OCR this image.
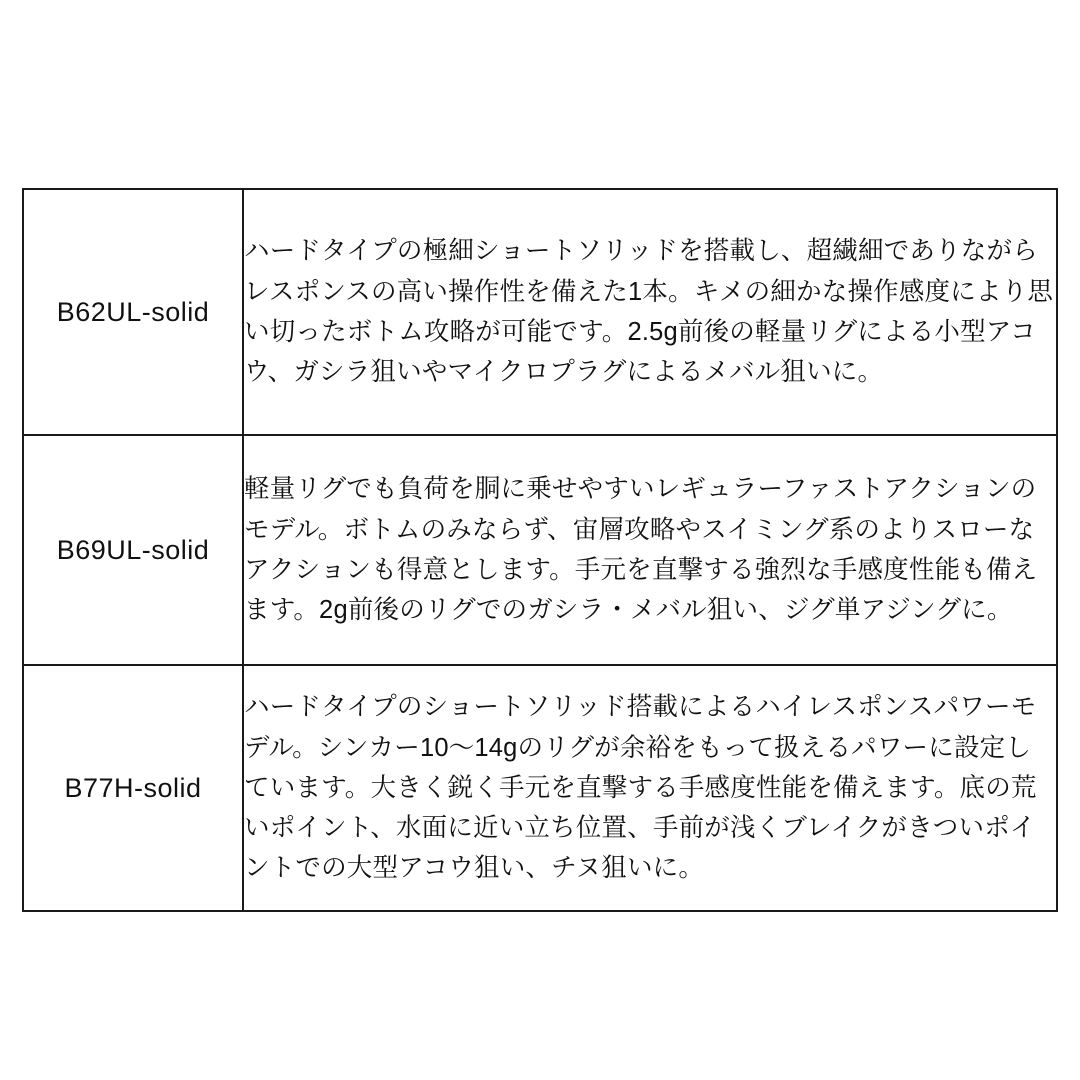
B62UL-solid	ハードタイプの極細ショートソリッドを搭載し、超繊細でありながらレスポンスの高い操作性を備えた1本。キメの細かな操作感度により思い切ったボトム攻略が可能です。2.5g前後の軽量リグによる小型アコウ、ガシラ狙いやマイクロプラグによるメバル狙いに。

B69UL-solid	軽量リグでも負荷を胴に乗せやすいレギュラーファストアクションのモデル。ボトムのみならず、宙層攻略やスイミング系のよりスローなアクションも得意とします。手元を直撃する強烈な手感度性能も備えます。2g前後のリグでのガシラ・メバル狙い、ジグ単アジングに。

B77H-solid	ハードタイプのショートソリッド搭載によるハイレスポンスパワーモデル。シンカー10〜14gのリグが余裕をもって扱えるパワーに設定しています。大きく鋭く手元を直撃する手感度性能を備えます。底の荒いポイント、水面に近い立ち位置、手前が浅くブレイクがきついポイントでの大型アコウ狙い、チヌ狙いに。
